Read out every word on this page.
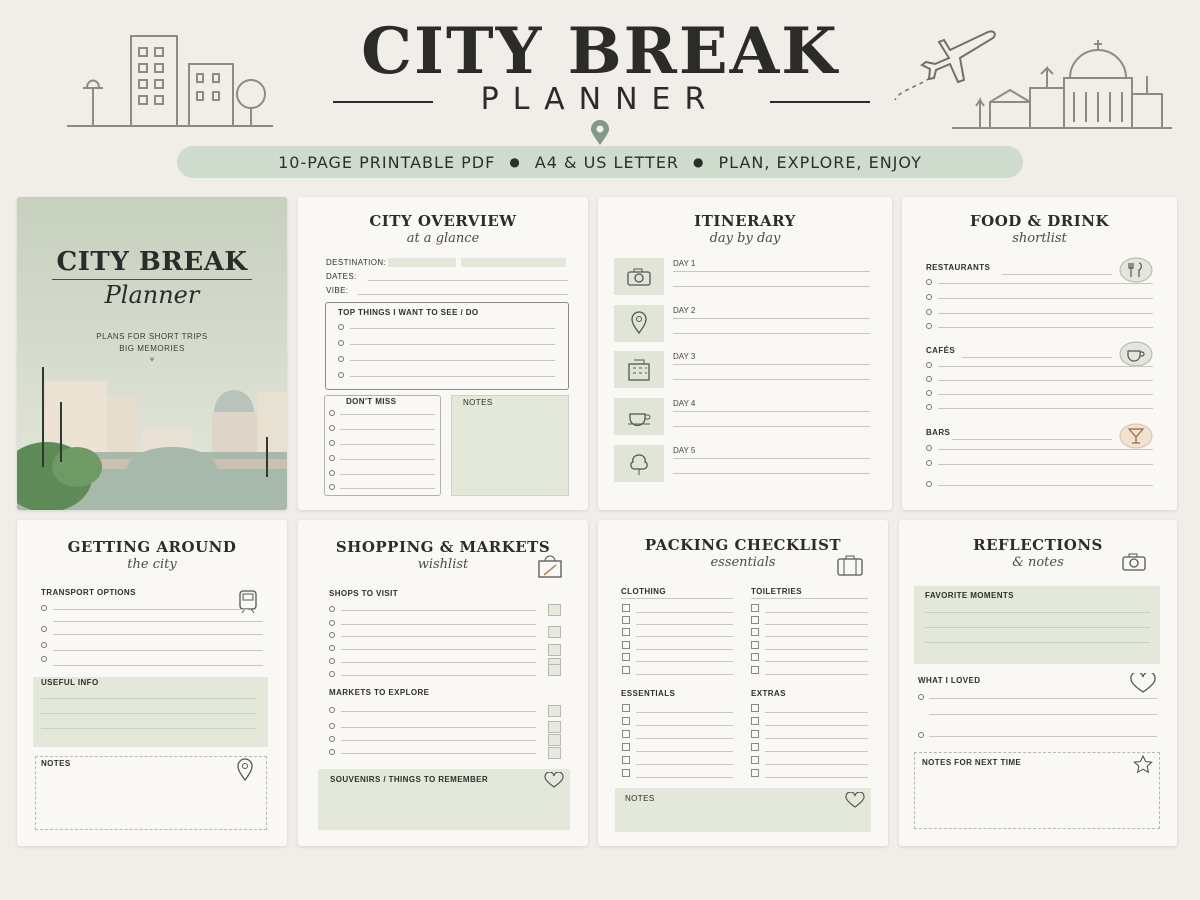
CITY BREAK
PLANNER
10-PAGE PRINTABLE PDF ● A4 & US LETTER ● PLAN, EXPLORE, ENJOY
CITY BREAK
Planner
PLANS FOR SHORT TRIPS
BIG MEMORIES
♥
CITY OVERVIEW
at a glance
DESTINATION:
DATES:
VIBE:
TOP THINGS I WANT TO SEE / DO
DON'T MISS	NOTES
ITINERARY
day by day
DAY 1
DAY 2
DAY 3
DAY 4
DAY 5
FOOD & DRINK
shortlist
RESTAURANTS
CAFÉS
BARS
GETTING AROUND
the city
TRANSPORT OPTIONS
USEFUL INFO
NOTES
SHOPPING & MARKETS
wishlist
SHOPS TO VISIT
MARKETS TO EXPLORE
SOUVENIRS / THINGS TO REMEMBER
PACKING CHECKLIST
essentials
CLOTHING	TOILETRIES
ESSENTIALS	EXTRAS
NOTES
REFLECTIONS
& notes
FAVORITE MOMENTS
WHAT I LOVED
NOTES FOR NEXT TIME
